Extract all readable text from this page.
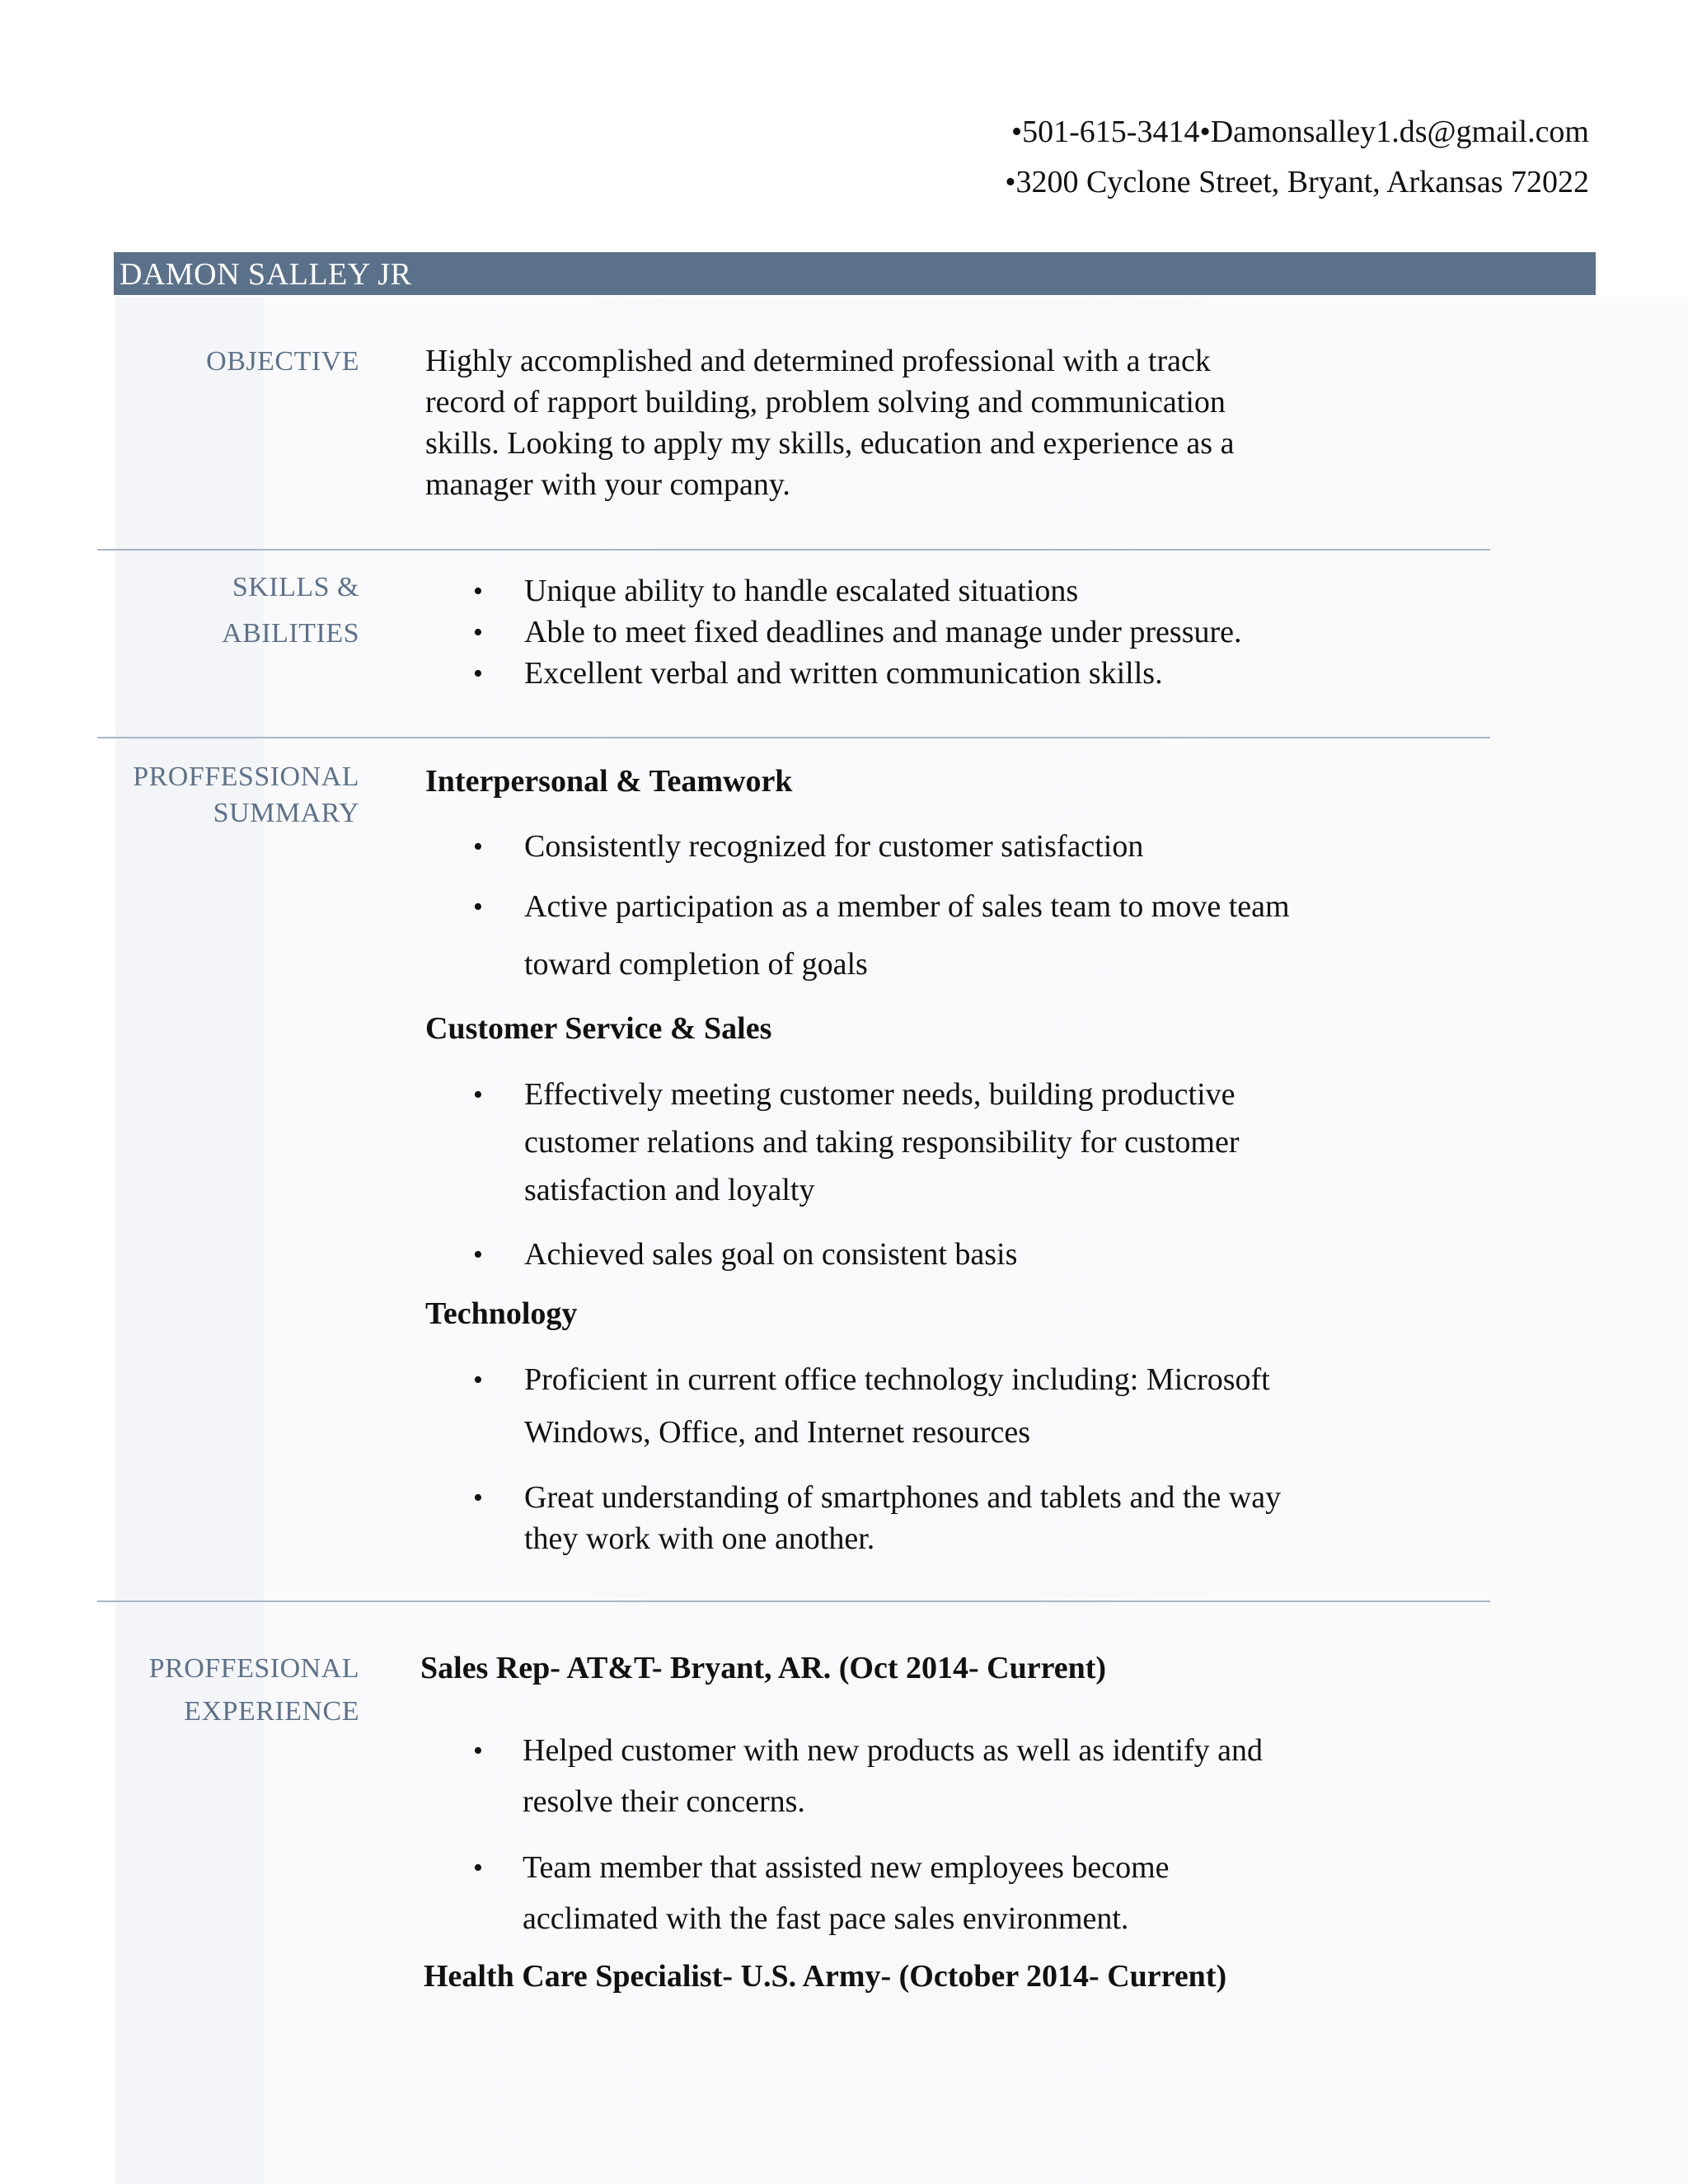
•501-615-3414•Damonsalley1.ds@gmail.com
•3200 Cyclone Street, Bryant, Arkansas 72022
DAMON SALLEY JR
OBJECTIVE Highly accomplished and determined professional with a track
record of rapport building, problem solving and communication
skills. Looking to apply my skills, education and experience as a
manager with your company.
SKILLS &
ABILITIES
• Unique ability to handle escalated situations
• Able to meet fixed deadlines and manage under pressure.
• Excellent verbal and written communication skills.
PROFFESSIONAL
SUMMARY
Interpersonal & Teamwork
• Consistently recognized for customer satisfaction
• Active participation as a member of sales team to move team
toward completion of goals
Customer Service & Sales
• Effectively meeting customer needs, building productive
customer relations and taking responsibility for customer
satisfaction and loyalty
• Achieved sales goal on consistent basis
Technology
• Proficient in current office technology including: Microsoft
Windows, Office, and Internet resources
• Great understanding of smartphones and tablets and the way
they work with one another.
PROFFESIONAL
EXPERIENCE
Sales Rep- AT&T- Bryant, AR. (Oct 2014- Current)
• Helped customer with new products as well as identify and
resolve their concerns.
• Team member that assisted new employees become
acclimated with the fast pace sales environment.
Health Care Specialist- U.S. Army- (October 2014- Current)
